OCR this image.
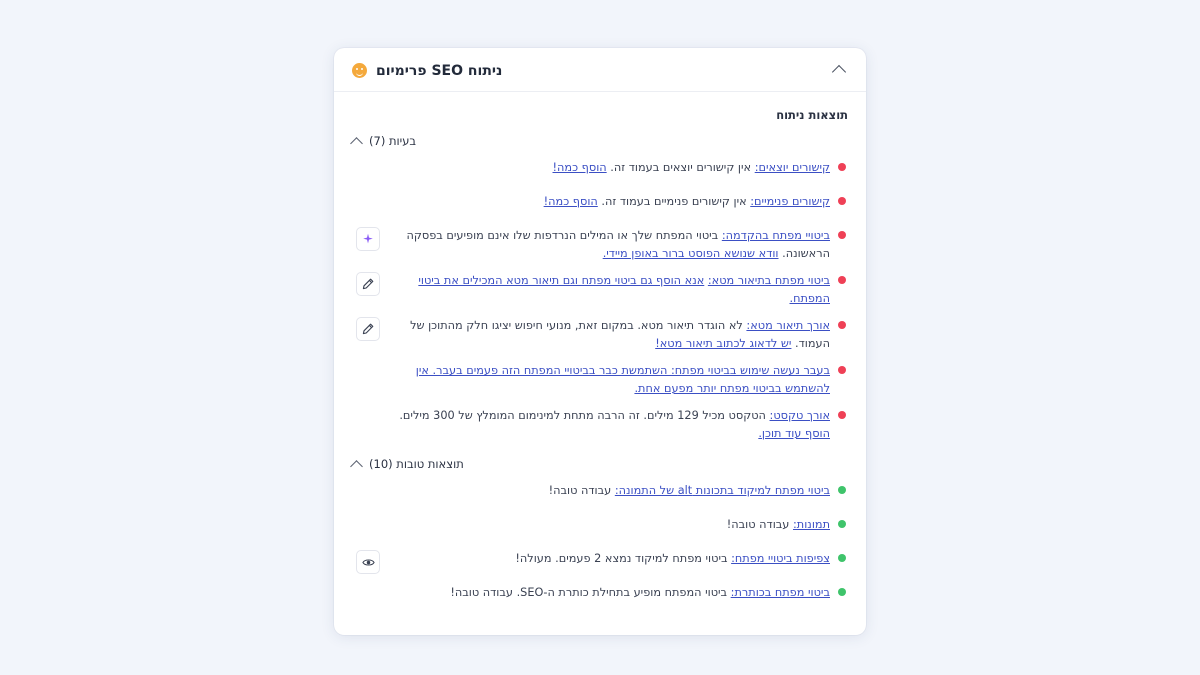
ניתוח SEO פרימיום
תוצאות ניתוח
בעיות (7)
קישורים יוצאים: אין קישורים יוצאים בעמוד זה. הוסף כמה!
קישורים פנימיים: אין קישורים פנימיים בעמוד זה. הוסף כמה!
ביטויי מפתח בהקדמה: ביטוי המפתח שלך או המילים הנרדפות שלו אינם מופיעים בפסקה הראשונה. וודא שנושא הפוסט ברור באופן מיידי.
ביטוי מפתח בתיאור מטא: אנא הוסף גם ביטוי מפתח וגם תיאור מטא המכילים את ביטוי המפתח.
אורך תיאור מטא: לא הוגדר תיאור מטא. במקום זאת, מנועי חיפוש יציגו חלק מהתוכן של העמוד. יש לדאוג לכתוב תיאור מטא!
בעבר נעשה שימוש בביטוי מפתח: השתמשת כבר בביטויי המפתח הזה פעמים בעבר. אין להשתמש בביטוי מפתח יותר מפעם אחת.
אורך טקסט: הטקסט מכיל 129 מילים. זה הרבה מתחת למינימום המומלץ של 300 מילים. הוסף עוד תוכן.
תוצאות טובות (10)
ביטוי מפתח למיקוד בתכונות alt של התמונה: עבודה טובה!
תמונות: עבודה טובה!
צפיפות ביטויי מפתח: ביטוי מפתח למיקוד נמצא 2 פעמים. מעולה!
ביטוי מפתח בכותרת: ביטוי המפתח מופיע בתחילת כותרת ה-SEO. עבודה טובה!
